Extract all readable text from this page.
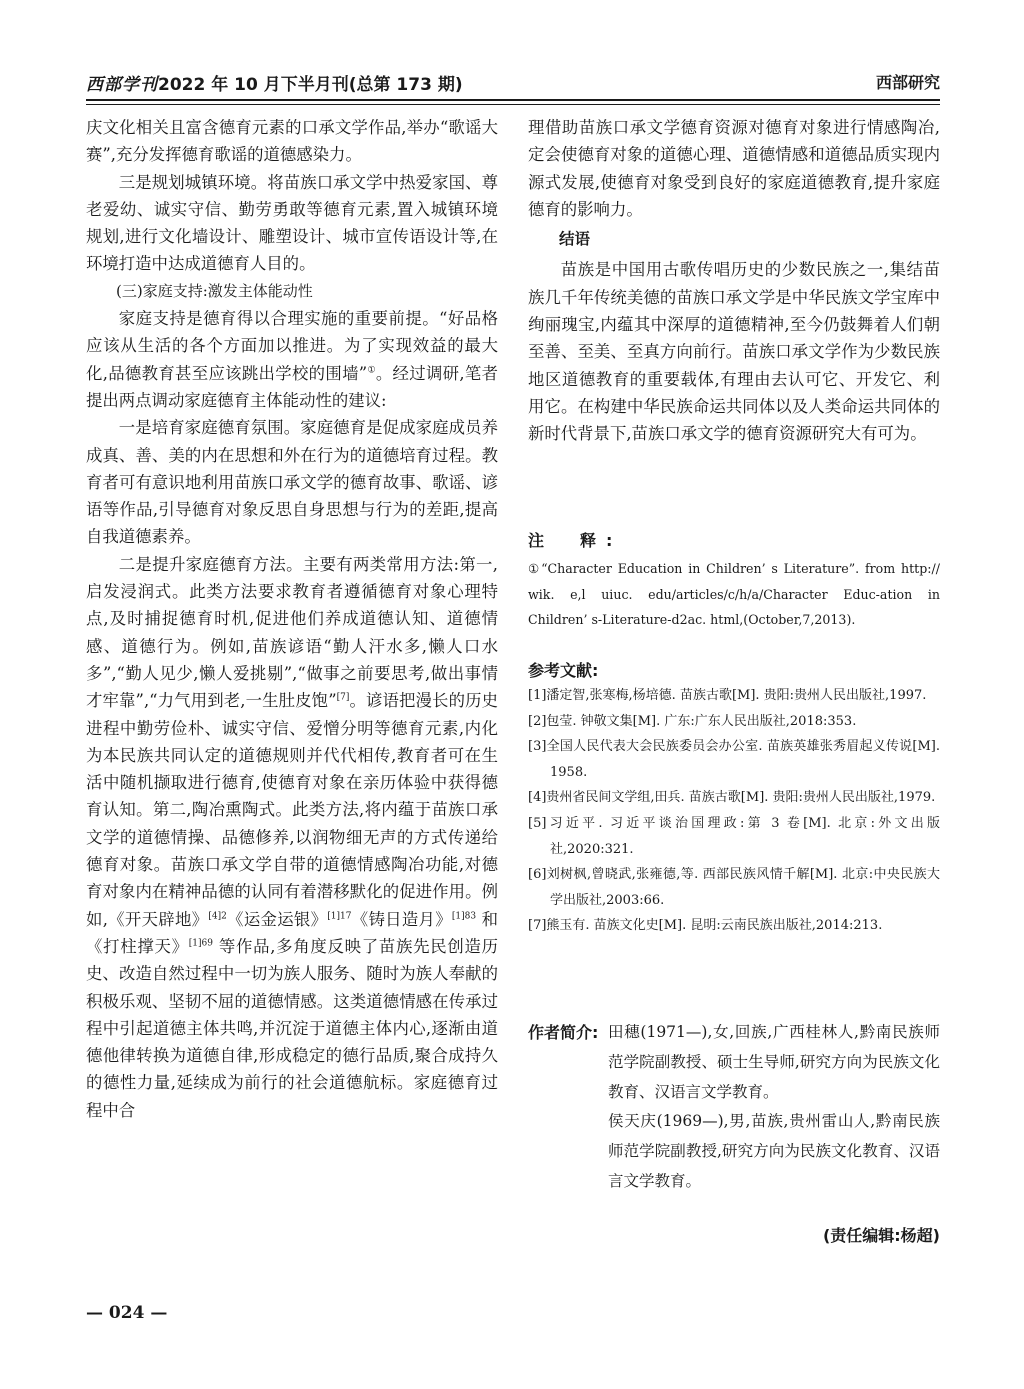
西部学刊2022 年 10 月下半月刊(总第 173 期)	西部研究

庆文化相关且富含德育元素的口承文学作品,举办“歌谣大赛”,充分发挥德育歌谣的道德感染力。

三是规划城镇环境。将苗族口承文学中热爱家国、尊老爱幼、诚实守信、勤劳勇敢等德育元素,置入城镇环境规划,进行文化墙设计、雕塑设计、城市宣传语设计等,在环境打造中达成道德育人目的。

(三)家庭支持:激发主体能动性

家庭支持是德育得以合理实施的重要前提。“好品格应该从生活的各个方面加以推进。为了实现效益的最大化,品德教育甚至应该跳出学校的围墙”①。经过调研,笔者提出两点调动家庭德育主体能动性的建议:

一是培育家庭德育氛围。家庭德育是促成家庭成员养成真、善、美的内在思想和外在行为的道德培育过程。教育者可有意识地利用苗族口承文学的德育故事、歌谣、谚语等作品,引导德育对象反思自身思想与行为的差距,提高自我道德素养。

二是提升家庭德育方法。主要有两类常用方法:第一,启发浸润式。此类方法要求教育者遵循德育对象心理特点,及时捕捉德育时机,促进他们养成道德认知、道德情感、道德行为。例如,苗族谚语“勤人汗水多,懒人口水多”,“勤人见少,懒人爱挑剔”,“做事之前要思考,做出事情才牢靠”,“力气用到老,一生肚皮饱”[7]。谚语把漫长的历史进程中勤劳俭朴、诚实守信、爱憎分明等德育元素,内化为本民族共同认定的道德规则并代代相传,教育者可在生活中随机撷取进行德育,使德育对象在亲历体验中获得德育认知。第二,陶冶熏陶式。此类方法,将内蕴于苗族口承文学的道德情操、品德修养,以润物细无声的方式传递给德育对象。苗族口承文学自带的道德情感陶冶功能,对德育对象内在精神品德的认同有着潜移默化的促进作用。例如,《开天辟地》$^{[4]2}$《运金运银》$^{[1]17}$《铸日造月》$^{[1]83}$ 和 《打柱撑天》$^{[1]69}$ 等作品,多角度反映了苗族先民创造历史、改造自然过程中一切为族人服务、随时为族人奉献的积极乐观、坚韧不屈的道德情感。这类道德情感在传承过程中引起道德主体共鸣,并沉淀于道德主体内心,逐渐由道德他律转换为道德自律,形成稳定的德行品质,聚合成持久的德性力量,延续成为前行的社会道德航标。家庭德育过程中合

理借助苗族口承文学德育资源对德育对象进行情感陶冶,定会使德育对象的道德心理、道德情感和道德品质实现内源式发展,使德育对象受到良好的家庭道德教育,提升家庭德育的影响力。

结语

苗族是中国用古歌传唱历史的少数民族之一,集结苗族几千年传统美德的苗族口承文学是中华民族文学宝库中绚丽瑰宝,内蕴其中深厚的道德精神,至今仍鼓舞着人们朝至善、至美、至真方向前行。苗族口承文学作为少数民族地区道德教育的重要载体,有理由去认可它、开发它、利用它。在构建中华民族命运共同体以及人类命运共同体的新时代背景下,苗族口承文学的德育资源研究大有可为。

注　释:
①“Character Education in Children’ s Literature”. from http:// wik. e,l uiuc. edu/articles/c/h/a/Character Educ-ation in Children’ s-Literature-d2ac. html,(October,7,2013).
参考文献:
[1]潘定智,张寒梅,杨培德. 苗族古歌[M]. 贵阳:贵州人民出版社,1997.
[2]包莹. 钟敬文集[M]. 广东:广东人民出版社,2018:353.
[3]全国人民代表大会民族委员会办公室. 苗族英雄张秀眉起义传说[M]. 1958.
[4]贵州省民间文学组,田兵. 苗族古歌[M]. 贵阳:贵州人民出版社,1979.
[5]习近平. 习近平谈治国理政:第 3 卷[M]. 北京:外文出版社,2020:321.
[6]刘树枫,曾晓武,张雍德,等. 西部民族风情千解[M]. 北京:中央民族大学出版社,2003:66.
[7]熊玉有. 苗族文化史[M]. 昆明:云南民族出版社,2014:213.
作者简介: 田穗(1971—),女,回族,广西桂林人,黔南民族师范学院副教授、硕士生导师,研究方向为民族文化教育、汉语言文学教育。
侯天庆(1969—),男,苗族,贵州雷山人,黔南民族师范学院副教授,研究方向为民族文化教育、汉语言文学教育。
(责任编辑:杨超)
— 024 —
